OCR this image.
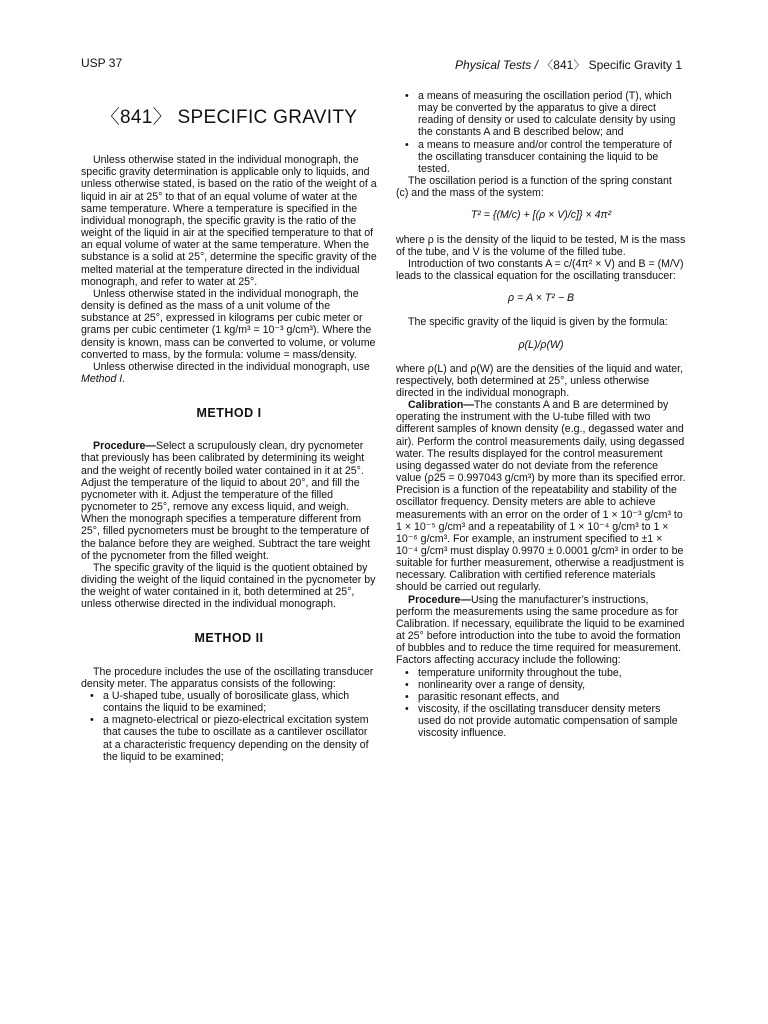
USP 37	Physical Tests / 〈841〉 Specific Gravity 1
〈841〉 SPECIFIC GRAVITY

Unless otherwise stated in the individual monograph, the specific gravity determination is applicable only to liquids, and unless otherwise stated, is based on the ratio of the weight of a liquid in air at 25° to that of an equal volume of water at the same temperature. Where a temperature is specified in the individual monograph, the specific gravity is the ratio of the weight of the liquid in air at the specified temperature to that of an equal volume of water at the same temperature. When the substance is a solid at 25°, determine the specific gravity of the melted material at the temperature directed in the individual monograph, and refer to water at 25°.

Unless otherwise stated in the individual monograph, the density is defined as the mass of a unit volume of the substance at 25°, expressed in kilograms per cubic meter or grams per cubic centimeter (1 kg/m³ = 10⁻³ g/cm³). Where the density is known, mass can be converted to volume, or volume converted to mass, by the formula: volume = mass/density.

Unless otherwise directed in the individual monograph, use Method I.

METHOD I

Procedure—Select a scrupulously clean, dry pycnometer that previously has been calibrated by determining its weight and the weight of recently boiled water contained in it at 25°. Adjust the temperature of the liquid to about 20°, and fill the pycnometer with it. Adjust the temperature of the filled pycnometer to 25°, remove any excess liquid, and weigh. When the monograph specifies a temperature different from 25°, filled pycnometers must be brought to the temperature of the balance before they are weighed. Subtract the tare weight of the pycnometer from the filled weight.

The specific gravity of the liquid is the quotient obtained by dividing the weight of the liquid contained in the pycnometer by the weight of water contained in it, both determined at 25°, unless otherwise directed in the individual monograph.

METHOD II

The procedure includes the use of the oscillating transducer density meter. The apparatus consists of the following:

• a U-shaped tube, usually of borosilicate glass, which contains the liquid to be examined;
• a magneto-electrical or piezo-electrical excitation system that causes the tube to oscillate as a cantilever oscillator at a characteristic frequency depending on the density of the liquid to be examined;
• a means of measuring the oscillation period (T), which may be converted by the apparatus to give a direct reading of density or used to calculate density by using the constants A and B described below; and
• a means to measure and/or control the temperature of the oscillating transducer containing the liquid to be tested.

The oscillation period is a function of the spring constant (c) and the mass of the system:

T² = {(M/c) + [(ρ × V)/c]} × 4π²

where ρ is the density of the liquid to be tested, M is the mass of the tube, and V is the volume of the filled tube.

Introduction of two constants A = c/(4π² × V) and B = (M/V) leads to the classical equation for the oscillating transducer:

ρ = A × T² − B

The specific gravity of the liquid is given by the formula:

ρ(L)/ρ(W)

where ρ(L) and ρ(W) are the densities of the liquid and water, respectively, both determined at 25°, unless otherwise directed in the individual monograph.

Calibration—The constants A and B are determined by operating the instrument with the U-tube filled with two different samples of known density (e.g., degassed water and air). Perform the control measurements daily, using degassed water. The results displayed for the control measurement using degassed water do not deviate from the reference value (ρ25 = 0.997043 g/cm³) by more than its specified error. Precision is a function of the repeatability and stability of the oscillator frequency. Density meters are able to achieve measurements with an error on the order of 1 × 10⁻³ g/cm³ to 1 × 10⁻⁵ g/cm³ and a repeatability of 1 × 10⁻⁴ g/cm³ to 1 × 10⁻⁶ g/cm³. For example, an instrument specified to ±1 × 10⁻⁴ g/cm³ must display 0.9970 ± 0.0001 g/cm³ in order to be suitable for further measurement, otherwise a readjustment is necessary. Calibration with certified reference materials should be carried out regularly.

Procedure—Using the manufacturer’s instructions, perform the measurements using the same procedure as for Calibration. If necessary, equilibrate the liquid to be examined at 25° before introduction into the tube to avoid the formation of bubbles and to reduce the time required for measurement. Factors affecting accuracy include the following:

• temperature uniformity throughout the tube,
• nonlinearity over a range of density,
• parasitic resonant effects, and
• viscosity, if the oscillating transducer density meters used do not provide automatic compensation of sample viscosity influence.
